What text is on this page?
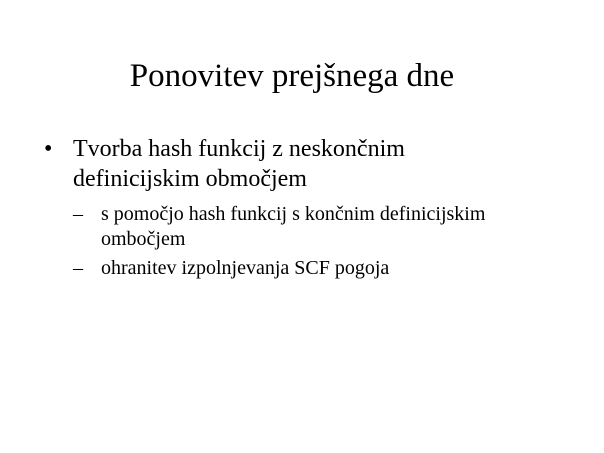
Ponovitev prejšnega dne
• Tvorba hash funkcij z neskončnim
definicijskim območjem
– s pomočjo hash funkcij s končnim definicijskim
ombočjem
– ohranitev izpolnjevanja SCF pogoja
